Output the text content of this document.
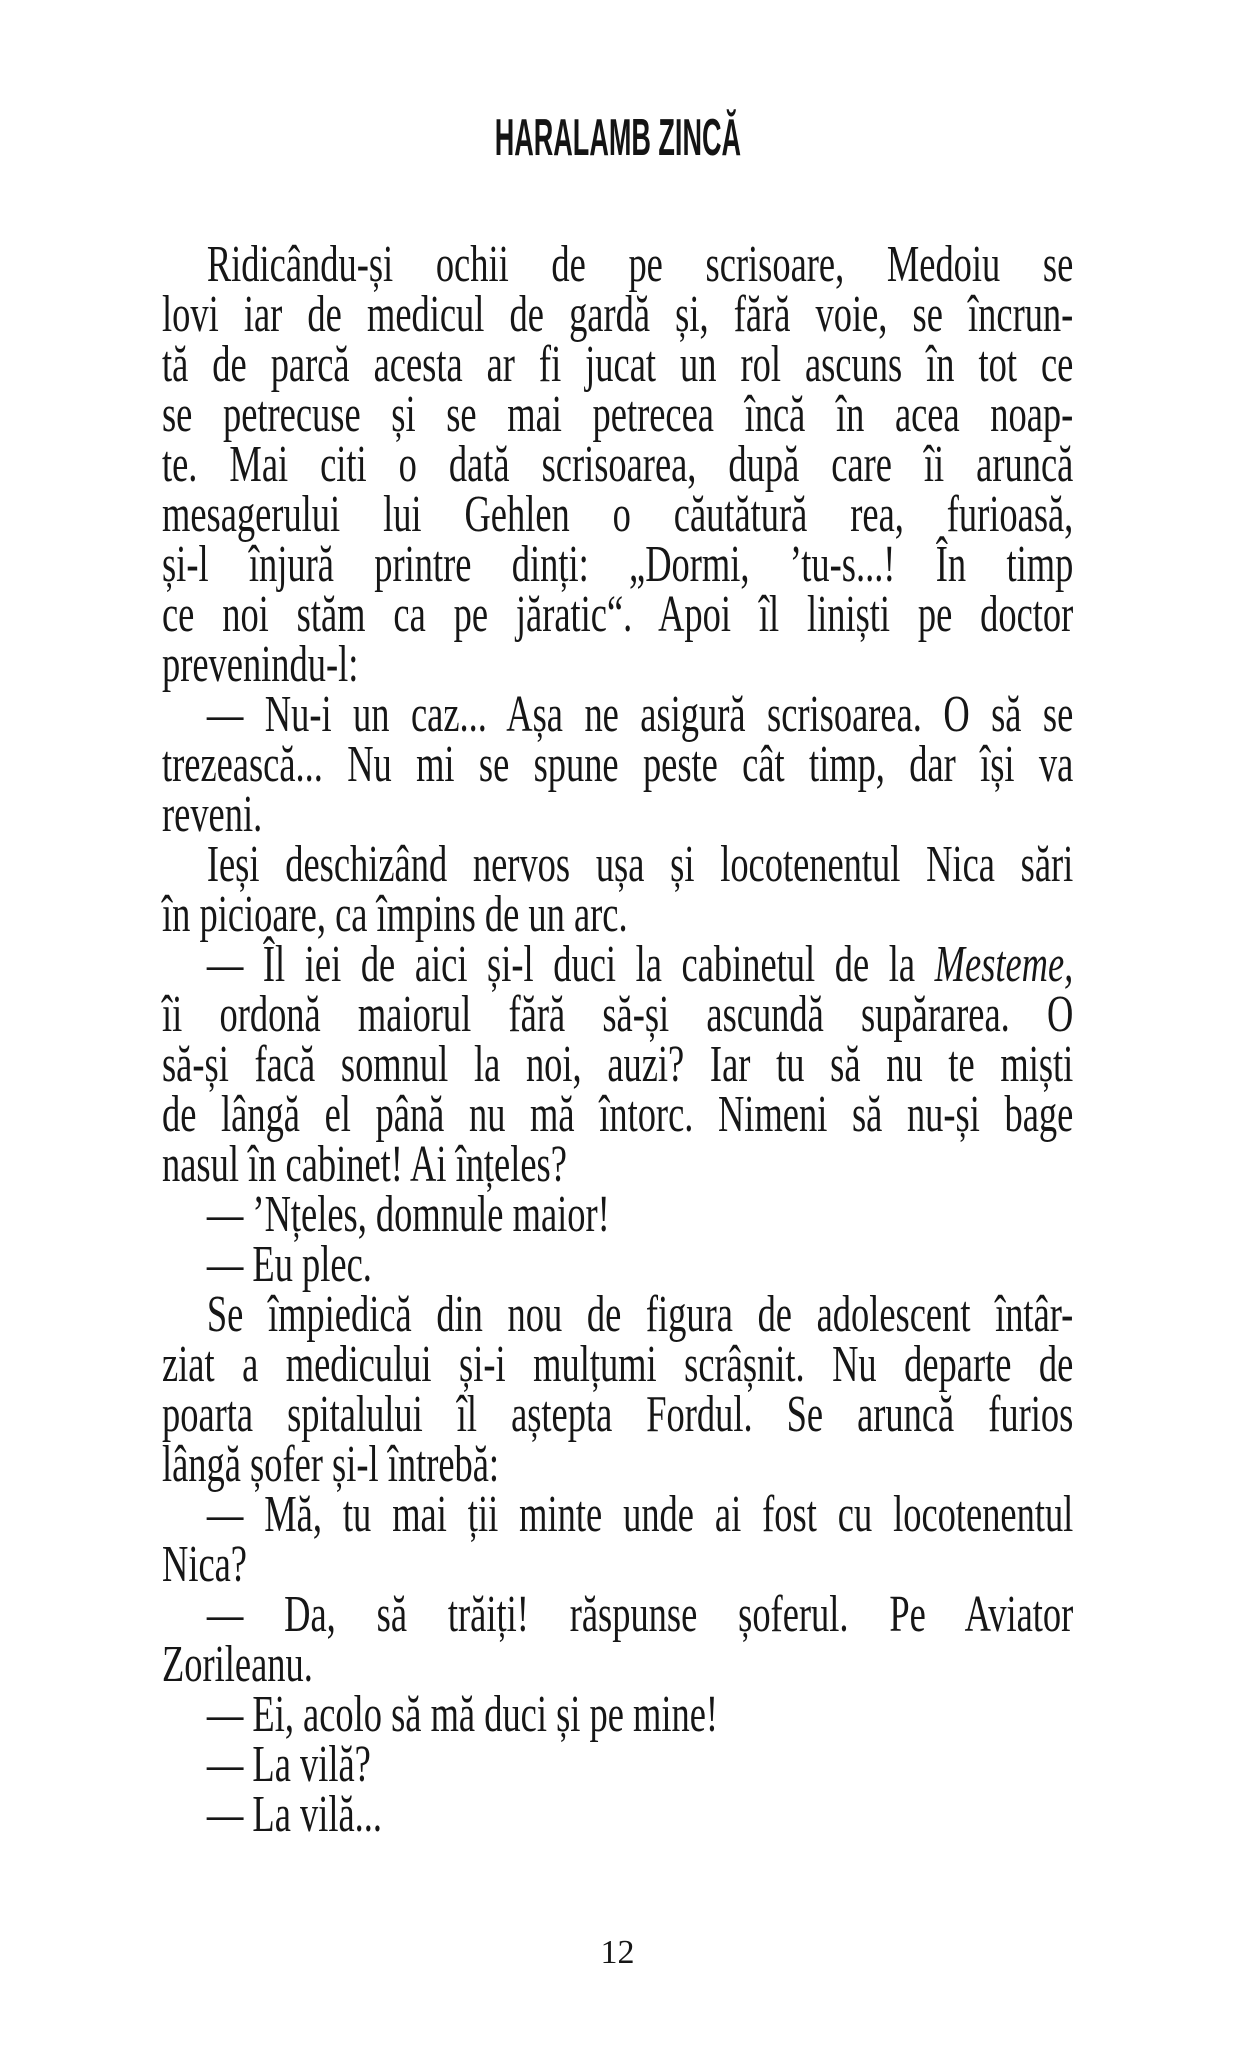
HARALAMB ZINCĂ
Ridicându-și ochii de pe scrisoare, Medoiu se
lovi iar de medicul de gardă și, fără voie, se încrun-
tă de parcă acesta ar fi jucat un rol ascuns în tot ce
se petrecuse și se mai petrecea încă în acea noap-
te. Mai citi o dată scrisoarea, după care îi aruncă
mesagerului lui Gehlen o căutătură rea, furioasă,
și-l înjură printre dinți: „Dormi, ’tu-s...! În timp
ce noi stăm ca pe jăratic“. Apoi îl liniști pe doctor
prevenindu-l:
— Nu-i un caz... Așa ne asigură scrisoarea. O să se
trezească... Nu mi se spune peste cât timp, dar își va
reveni.
Ieși deschizând nervos ușa și locotenentul Nica sări
în picioare, ca împins de un arc.
— Îl iei de aici și-l duci la cabinetul de la Mesteme,
îi ordonă maiorul fără să-și ascundă supărarea. O
să-și facă somnul la noi, auzi? Iar tu să nu te miști
de lângă el până nu mă întorc. Nimeni să nu-și bage
nasul în cabinet! Ai înțeles?
— ’Nțeles, domnule maior!
— Eu plec.
Se împiedică din nou de figura de adolescent întâr-
ziat a medicului și-i mulțumi scrâșnit. Nu departe de
poarta spitalului îl aștepta Fordul. Se aruncă furios
lângă șofer și-l întrebă:
— Mă, tu mai ții minte unde ai fost cu locotenentul
Nica?
— Da, să trăiți! răspunse șoferul. Pe Aviator
Zorileanu.
— Ei, acolo să mă duci și pe mine!
— La vilă?
— La vilă...
12
